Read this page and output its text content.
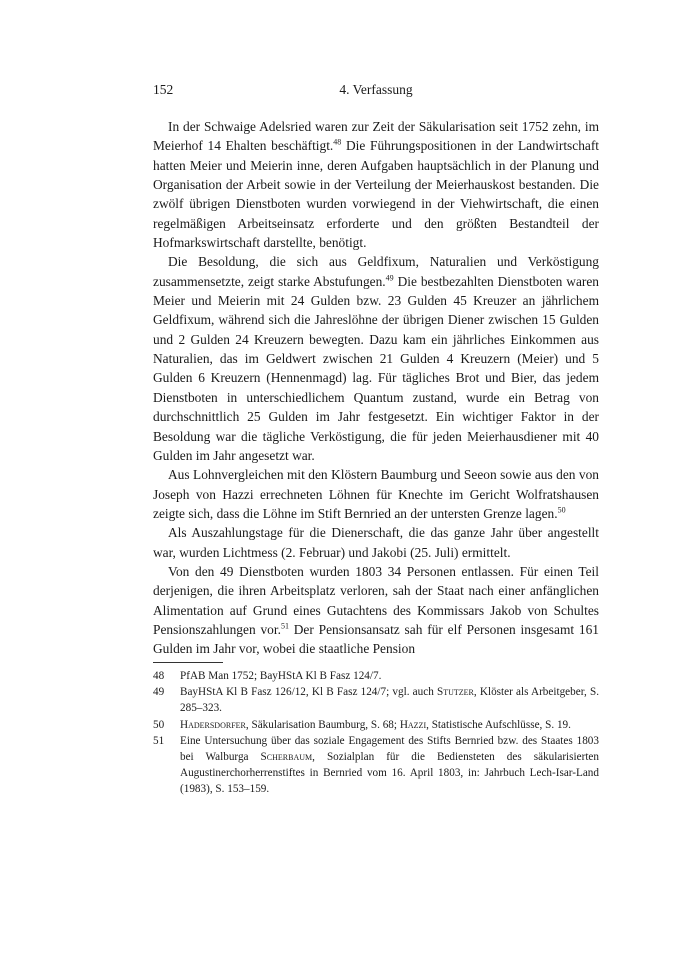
152	4. Verfassung

In der Schwaige Adelsried waren zur Zeit der Säkularisation seit 1752 zehn, im Meierhof 14 Ehalten beschäftigt.$^{48}$ Die Führungspositionen in der Landwirtschaft hatten Meier und Meierin inne, deren Aufgaben hauptsächlich in der Planung und Organisation der Arbeit sowie in der Verteilung der Meierhauskost bestanden. Die zwölf übrigen Dienstboten wurden vorwiegend in der Viehwirtschaft, die einen regelmäßigen Arbeitseinsatz erforderte und den größten Bestandteil der Hofmarkswirtschaft darstellte, benötigt.

Die Besoldung, die sich aus Geldfixum, Naturalien und Verköstigung zusammensetzte, zeigt starke Abstufungen.$^{49}$ Die bestbezahlten Dienstboten waren Meier und Meierin mit 24 Gulden bzw. 23 Gulden 45 Kreuzer an jährlichem Geldfixum, während sich die Jahreslöhne der übrigen Diener zwischen 15 Gulden und 2 Gulden 24 Kreuzern bewegten. Dazu kam ein jährliches Einkommen aus Naturalien, das im Geldwert zwischen 21 Gulden 4 Kreuzern (Meier) und 5 Gulden 6 Kreuzern (Hennenmagd) lag. Für tägliches Brot und Bier, das jedem Dienstboten in unterschiedlichem Quantum zustand, wurde ein Betrag von durchschnittlich 25 Gulden im Jahr festgesetzt. Ein wichtiger Faktor in der Besoldung war die tägliche Verköstigung, die für jeden Meierhausdiener mit 40 Gulden im Jahr angesetzt war.

Aus Lohnvergleichen mit den Klöstern Baumburg und Seeon sowie aus den von Joseph von Hazzi errechneten Löhnen für Knechte im Gericht Wolfratshausen zeigte sich, dass die Löhne im Stift Bernried an der untersten Grenze lagen.$^{50}$

Als Auszahlungstage für die Dienerschaft, die das ganze Jahr über angestellt war, wurden Lichtmess (2. Februar) und Jakobi (25. Juli) ermittelt.

Von den 49 Dienstboten wurden 1803 34 Personen entlassen. Für einen Teil derjenigen, die ihren Arbeitsplatz verloren, sah der Staat nach einer anfänglichen Alimentation auf Grund eines Gutachtens des Kommissars Jakob von Schultes Pensionszahlungen vor.$^{51}$ Der Pensionsansatz sah für elf Personen insgesamt 161 Gulden im Jahr vor, wobei die staatliche Pension

48 PfAB Man 1752; BayHStA Kl B Fasz 124/7.
49 BayHStA Kl B Fasz 126/12, Kl B Fasz 124/7; vgl. auch Stutzer, Klöster als Arbeitgeber, S. 285–323.
50 Hadersdorfer, Säkularisation Baumburg, S. 68; Hazzi, Statistische Aufschlüsse, S. 19.
51 Eine Untersuchung über das soziale Engagement des Stifts Bernried bzw. des Staates 1803 bei Walburga Scherbaum, Sozialplan für die Bediensteten des säkularisierten Augustinerchorherrenstiftes in Bernried vom 16. April 1803, in: Jahrbuch Lech-Isar-Land (1983), S. 153–159.
